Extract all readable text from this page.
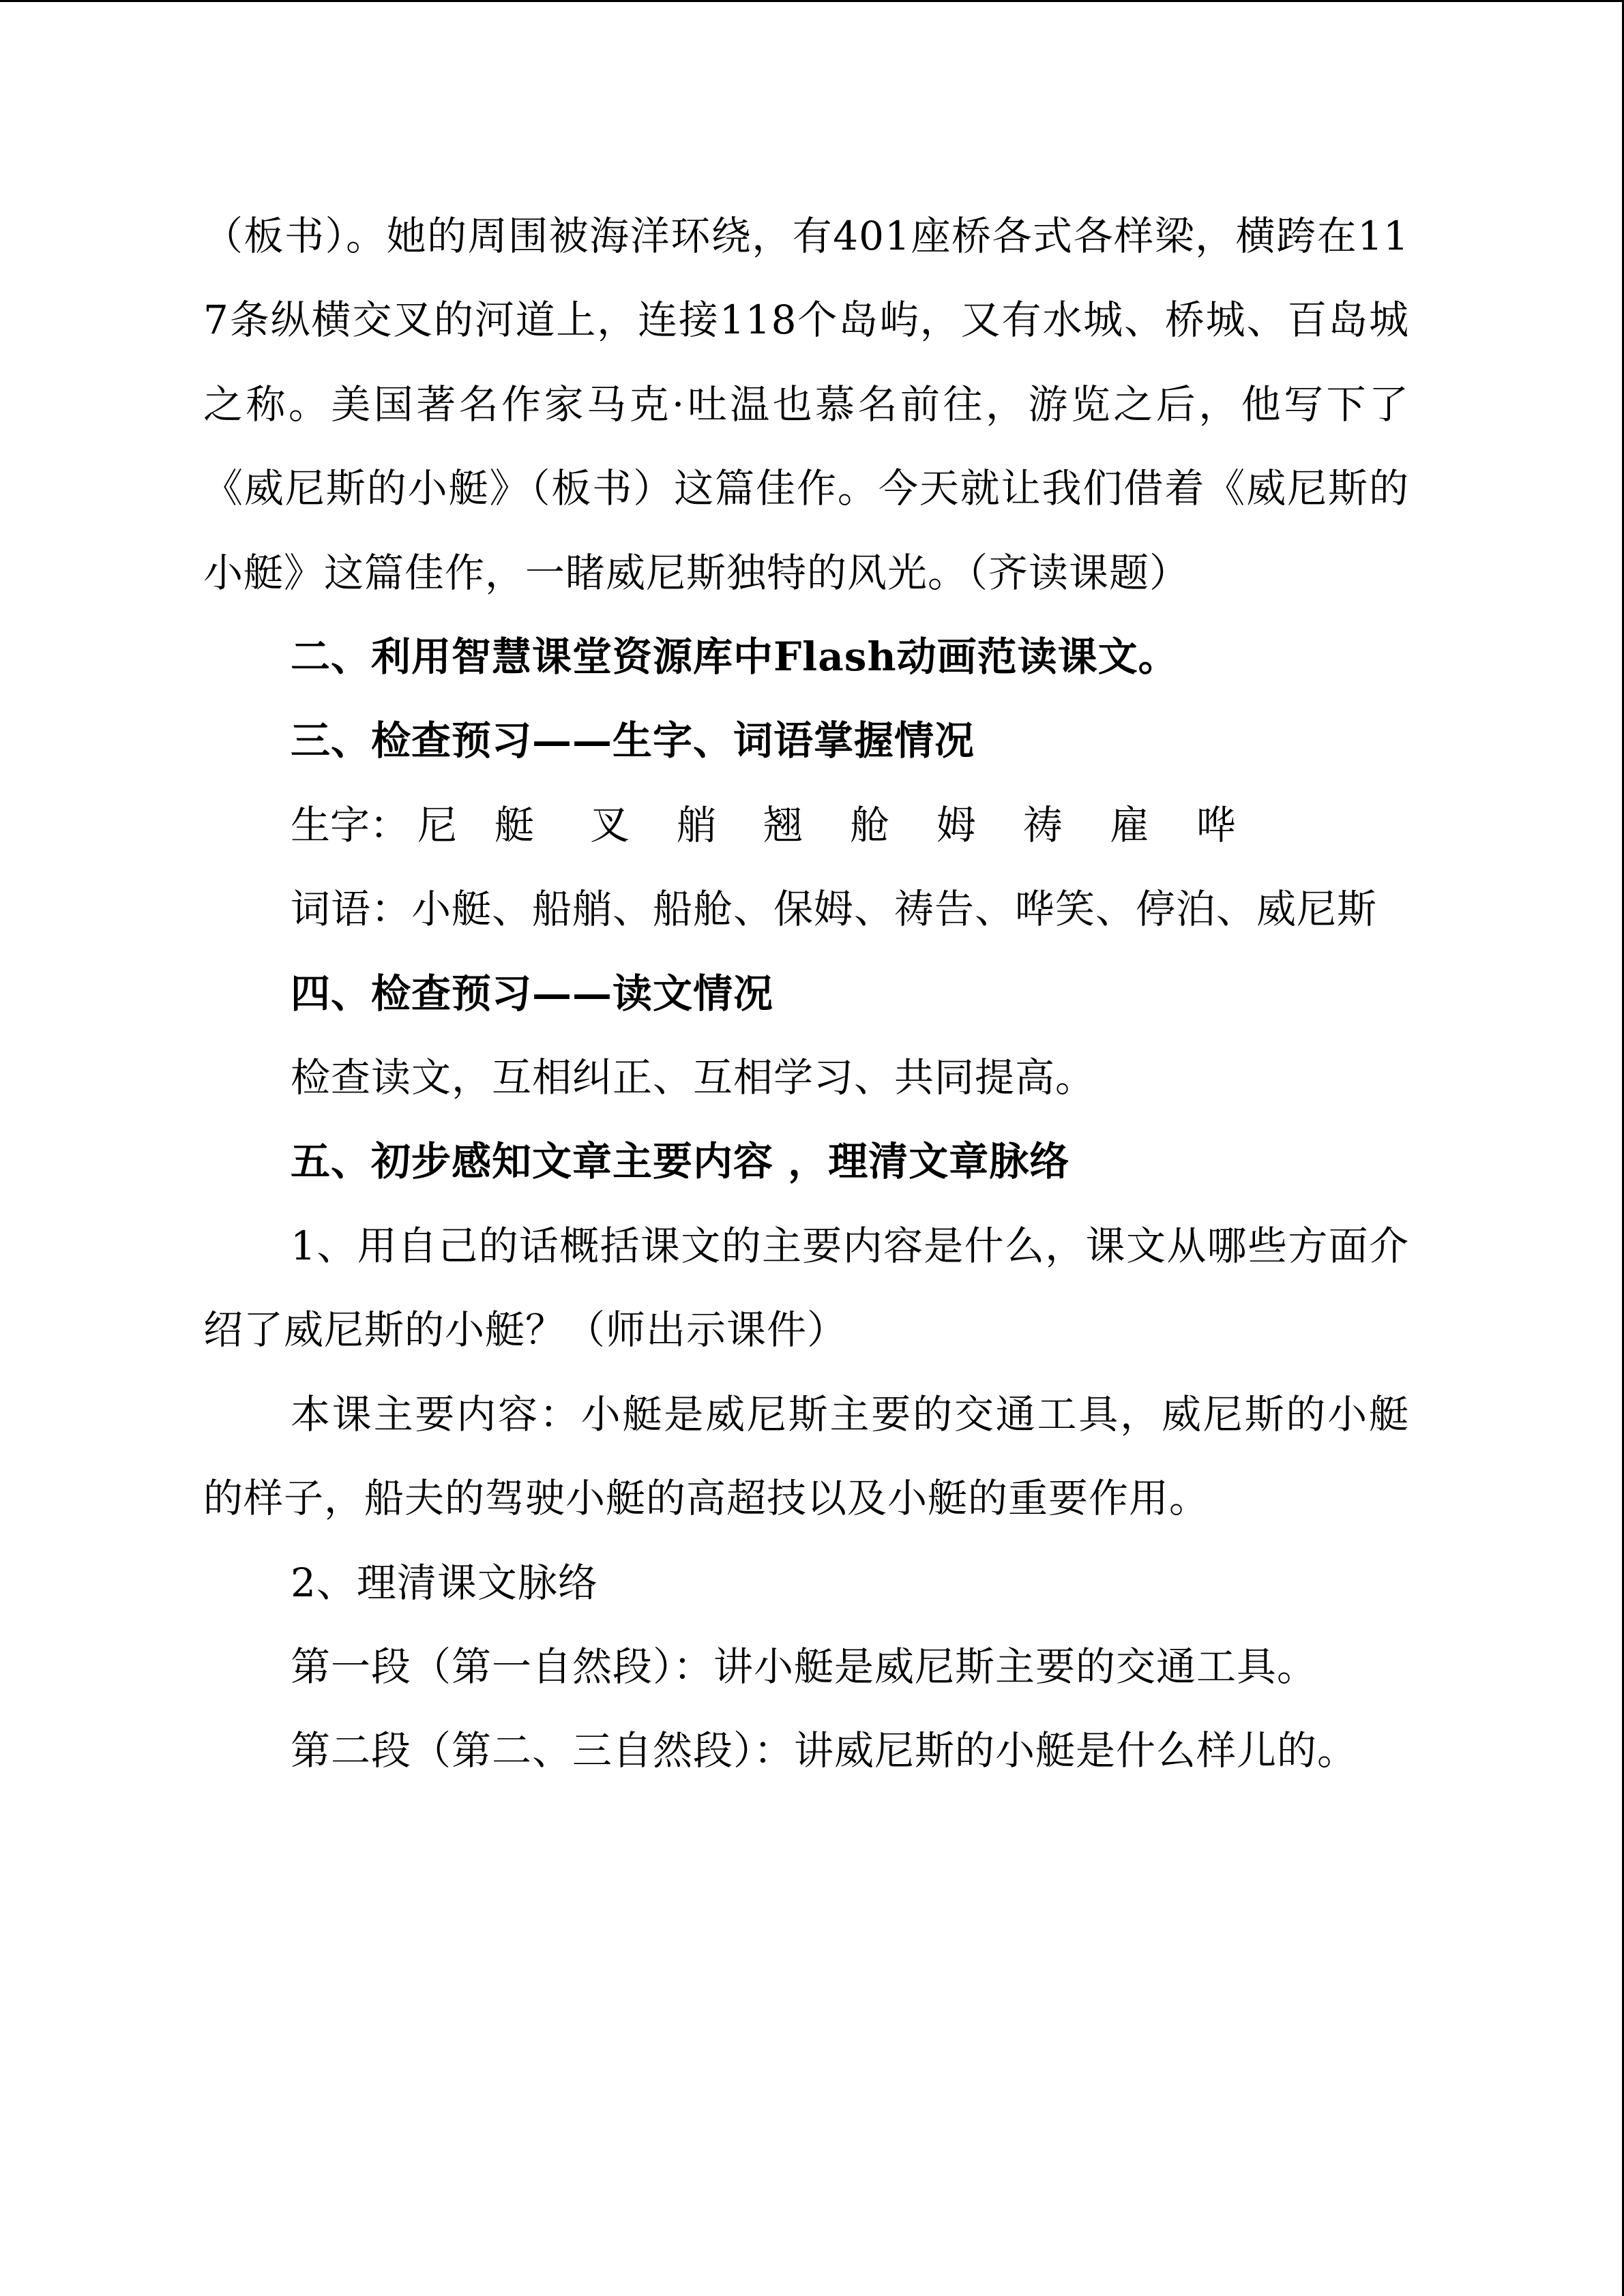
（板书）。她的周围被海洋环绕，有401座桥各式各样梁，横跨在117条纵横交叉的河道上，连接118个岛屿，又有水城、桥城、百岛城之称。美国著名作家马克·吐温也慕名前往，游览之后，他写下了《威尼斯的小艇》（板书）这篇佳作。今天就让我们借着《威尼斯的小艇》这篇佳作，一睹威尼斯独特的风光。（齐读课题）

二、利用智慧课堂资源库中Flash动画范读课文。

三、检查预习——生字、词语掌握情况

生字： 尼 艇	叉	艄	翘	舱	姆	祷	雇	哗

词语：小艇、船艄、船舱、保姆、祷告、哗笑、停泊、威尼斯

四、检查预习——读文情况

检查读文，互相纠正、互相学习、共同提高。

五、初步感知文章主要内容 ，理清文章脉络

1、用自己的话概括课文的主要内容是什么，课文从哪些方面介绍了威尼斯的小艇？（师出示课件）

本课主要内容：小艇是威尼斯主要的交通工具，威尼斯的小艇的样子，船夫的驾驶小艇的高超技以及小艇的重要作用。

2、理清课文脉络

第一段（第一自然段）：讲小艇是威尼斯主要的交通工具。

第二段（第二、三自然段）：讲威尼斯的小艇是什么样儿的。
